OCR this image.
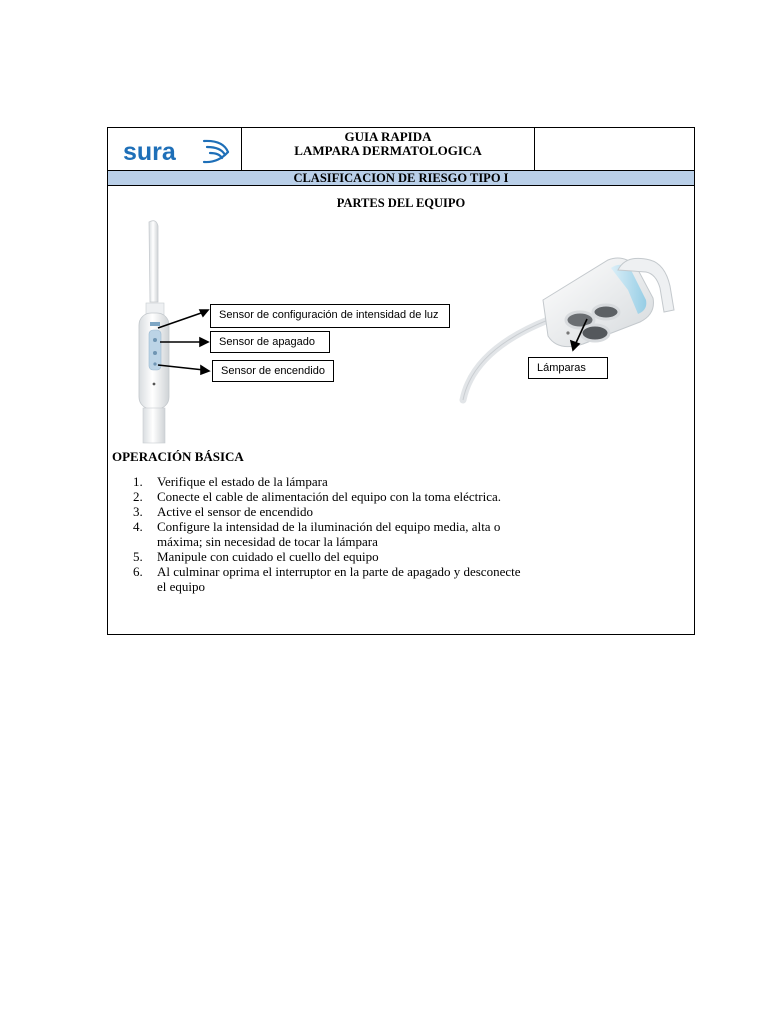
sura
GUIA RAPIDA
LAMPARA DERMATOLOGICA
CLASIFICACION DE RIESGO TIPO I
PARTES DEL EQUIPO
Sensor de configuración de intensidad de luz
Sensor de apagado
Sensor de encendido	Lámparas
OPERACIÓN BÁSICA
1. Verifique el estado de la lámpara
2. Conecte el cable de alimentación del equipo con la toma eléctrica.
3. Active el sensor de encendido
4. Configure la intensidad de la iluminación del equipo media, alta o máxima; sin necesidad de tocar la lámpara
5. Manipule con cuidado el cuello del equipo
6. Al culminar oprima el interruptor en la parte de apagado y desconecte el equipo
